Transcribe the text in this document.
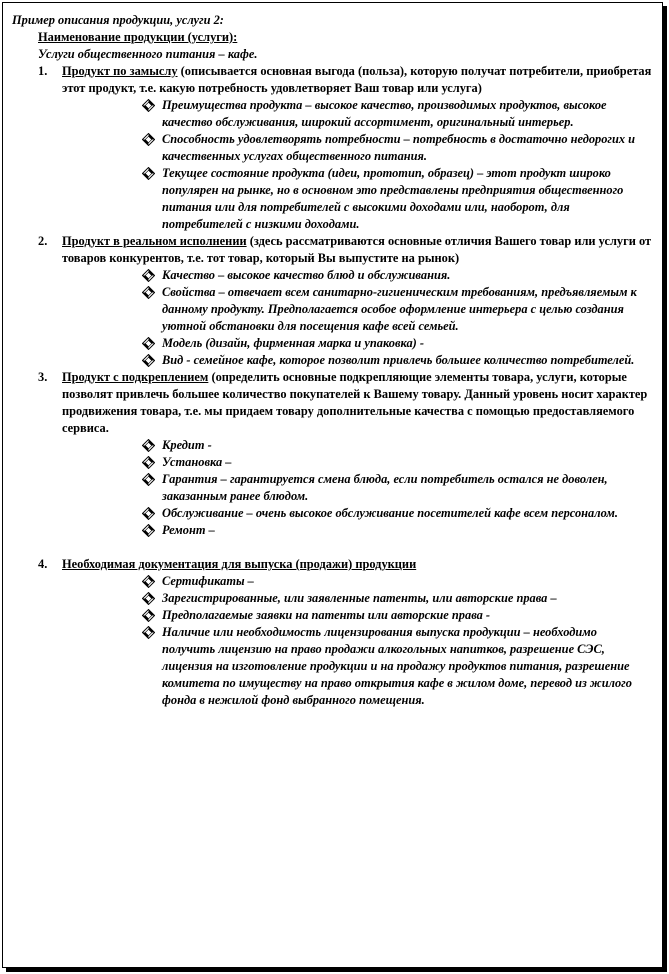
Пример описания продукции, услуги 2:
Наименование продукции (услуги):
Услуги общественного питания – кафе.
1. Продукт по замыслу (описывается основная выгода (польза), которую получат потребители, приобретая этот продукт, т.е. какую потребность удовлетворяет Ваш товар или услуга)
Преимущества продукта – высокое качество, производимых продуктов, высокое качество обслуживания, широкий ассортимент, оригинальный интерьер.
Способность удовлетворять потребности – потребность в достаточно недорогих и качественных услугах общественного питания.
Текущее состояние продукта (идеи, прототип, образец) – этот продукт широко популярен на рынке, но в основном это представлены предприятия общественного питания или для потребителей с высокими доходами или, наоборот, для потребителей с низкими доходами.
2. Продукт в реальном исполнении (здесь рассматриваются основные отличия Вашего товар или услуги от товаров конкурентов, т.е. тот товар, который Вы выпустите на рынок)
Качество – высокое качество блюд и обслуживания.
Свойства – отвечает всем санитарно-гигиеническим требованиям, предъявляемым к данному продукту. Предполагается особое оформление интерьера с целью создания уютной обстановки для посещения кафе всей семьей.
Модель (дизайн, фирменная марка и упаковка) -
Вид - семейное кафе, которое позволит привлечь большее количество потребителей.
3. Продукт с подкреплением (определить основные подкрепляющие элементы товара, услуги, которые позволят привлечь большее количество покупателей к Вашему товару. Данный уровень носит характер продвижения товара, т.е. мы придаем товару дополнительные качества с помощью предоставляемого сервиса.
Кредит -
Установка –
Гарантия – гарантируется смена блюда, если потребитель остался не доволен, заказанным ранее блюдом.
Обслуживание – очень высокое обслуживание посетителей кафе всем персоналом.
Ремонт –
4. Необходимая документация для выпуска (продажи) продукции
Сертификаты –
Зарегистрированные, или заявленные патенты, или авторские права –
Предполагаемые заявки на патенты или авторские права -
Наличие или необходимость лицензирования выпуска продукции – необходимо получить лицензию на право продажи алкогольных напитков, разрешение СЭС, лицензия на изготовление продукции и на продажу продуктов питания, разрешение комитета по имуществу на право открытия кафе в жилом доме, перевод из жилого фонда в нежилой фонд выбранного помещения.
